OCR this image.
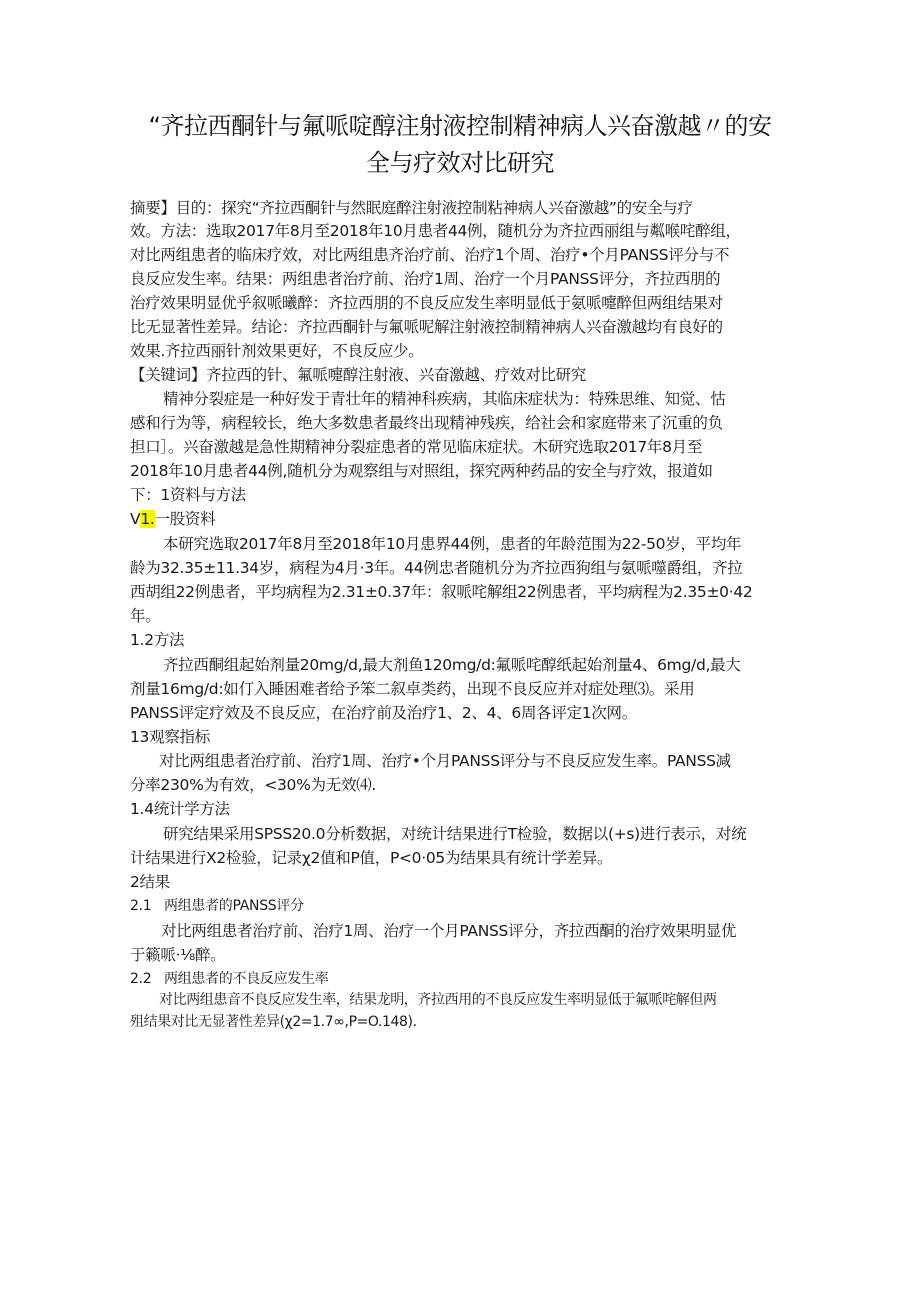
“齐拉西酮针与氟哌啶醇注射液控制精神病人兴奋激越〃的安
全与疗效对比研究
摘要】目的：探究“齐拉西酮针与然眠庭醉注射液控制粘神病人兴奋激越”的安全与疗
效。方法：选取2017年8月至2018年10月患者44例，随机分为齐拉西丽组与粼喉咤醉组，
对比两组患者的临床疗效，对比两组患齐治疗前、治疗1个周、治疗•个月PANSS评分与不
良反应发生率。结果：两组患者治疗前、治疗1周、治疗一个月PANSS评分，齐拉西朋的
治疗效果明显优乎叙哌曦醉：齐拉西朋的不良反应发生率明显低于氨哌嚏醉但两组结果对
比无显著性差异。结论：齐拉西酮针与氟哌呢解注射液控制精神病人兴奋激越均有良好的
效果.齐拉西丽针剂效果更好，不良反应少。
【关键词】齐拉西的针、氟哌嚏醇注射液、兴奋激越、疗效对比研究
精神分裂症是一种好发于青壮年的精神科疾病，其临床症状为：特殊思维、知觉、怙
感和行为等，病程较长，绝大多数患者最终出现精神残疾，给社会和家庭带来了沉重的负
担口］。兴奋激越是急性期精神分裂症患者的常见临床症状。木研究选取2017年8月至
2018年10月患者44例,随机分为观察组与对照组，探究两种药品的安全与疗效，报道如
下：1资料与方法
V1.一股资料
本研究选取2017年8月至2018年10月患界44例，患者的年龄范围为22-50岁，平均年
龄为32.35±11.34岁，病程为4月·3年。44例忠者随机分为齐拉西狗组与氨哌噬爵组，齐拉
西胡组22例患者，平均病程为2.31±0.37年：叙哌咤解组22例患者，平均病程为2.35±0·42
年。
1.2方法
齐拉西酮组起始剂量20mg/d,最大剂鱼120mg/d:氟哌咤醇纸起始剂量4、6mg/d,最大
剂量16mg/d:如仃入睡困难者给予笨二叙卓类药，出现不良反应并对症处理⑶。采用
PANSS评定疗效及不良反应，在治疗前及治疗1、2、4、6周各评定1次网。
13观察指标
对比两组患者治疗前、治疗1周、治疗•个月PANSS评分与不良反应发生率。PANSS减
分率230%为有效，<30%为无效⑷.
1.4统计学方法
研究结果采用SPSS20.0分析数据，对统计结果进行T检验，数据以(+s)进行表示，对统
计结果进行X2检验，记录χ2值和P值，P<0·05为结果具有统计学差异。
2结果
2.1 两组患者的PANSS评分
对比两组患者治疗前、治疗1周、治疗一个月PANSS评分，齐拉西酮的治疗效果明显优
于籁哌·⅛醉。
2.2 两组患者的不良反应发生率
对比两组患音不良反应发生率，结果龙明，齐拉西用的不良反应发生率明显低于氟哌咤解但两
殂结果对比无显著性差异(χ2=1.7∞,P=O.148).
